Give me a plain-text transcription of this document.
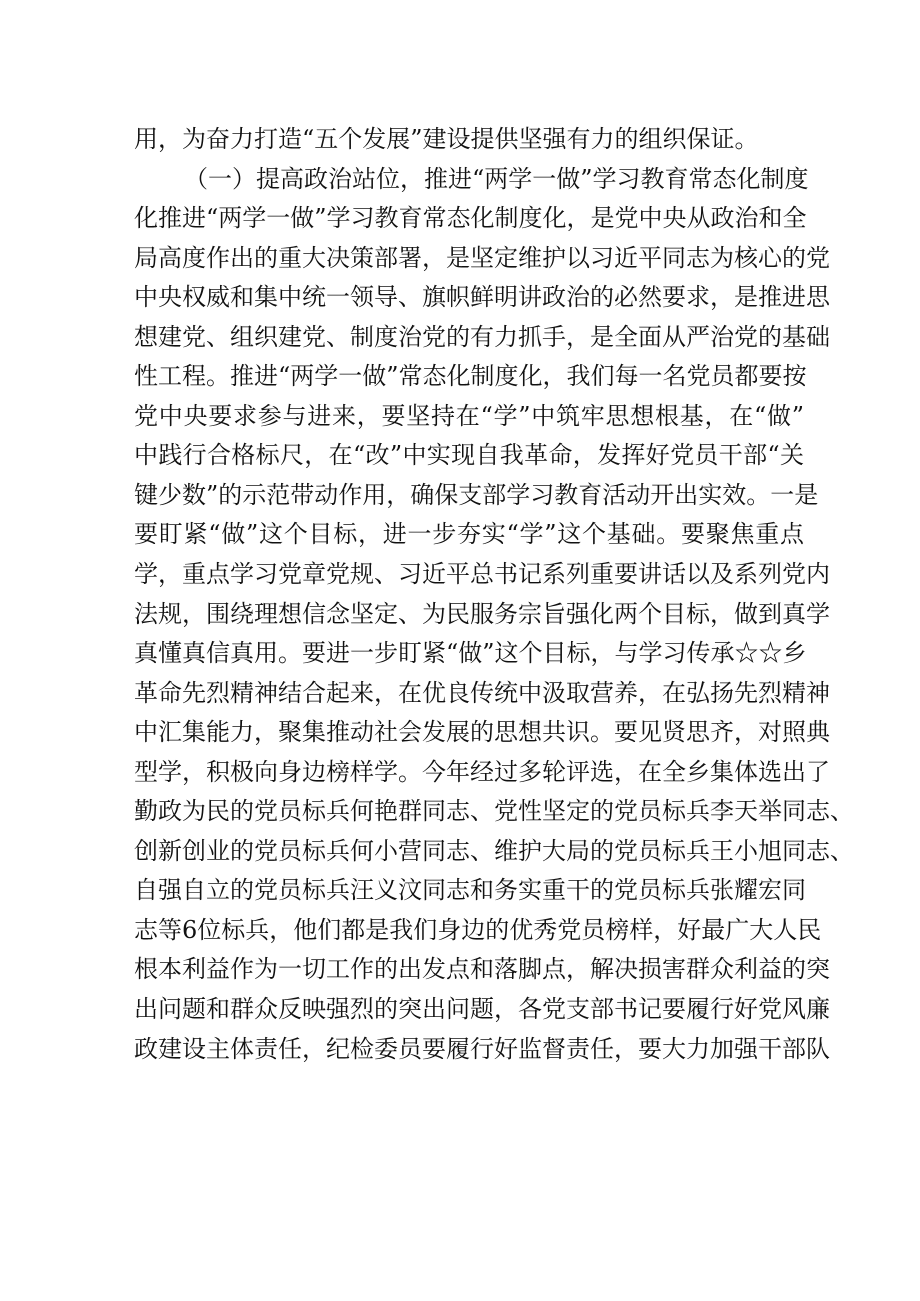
用，为奋力打造“五个发展”建设提供坚强有力的组织保证。
（一）提高政治站位，推进“两学一做”学习教育常态化制度
化推进“两学一做”学习教育常态化制度化，是党中央从政治和全
局高度作出的重大决策部署，是坚定维护以习近平同志为核心的党
中央权威和集中统一领导、旗帜鲜明讲政治的必然要求，是推进思
想建党、组织建党、制度治党的有力抓手，是全面从严治党的基础
性工程。推进“两学一做”常态化制度化，我们每一名党员都要按
党中央要求参与进来，要坚持在“学”中筑牢思想根基，在“做”
中践行合格标尺，在“改”中实现自我革命，发挥好党员干部“关
键少数”的示范带动作用，确保支部学习教育活动开出实效。一是
要盯紧“做”这个目标，进一步夯实“学”这个基础。要聚焦重点
学，重点学习党章党规、习近平总书记系列重要讲话以及系列党内
法规，围绕理想信念坚定、为民服务宗旨强化两个目标，做到真学
真懂真信真用。要进一步盯紧“做”这个目标，与学习传承☆☆乡
革命先烈精神结合起来，在优良传统中汲取营养，在弘扬先烈精神
中汇集能力，聚集推动社会发展的思想共识。要见贤思齐，对照典
型学，积极向身边榜样学。今年经过多轮评选，在全乡集体选出了
勤政为民的党员标兵何艳群同志、党性坚定的党员标兵李天举同志、
创新创业的党员标兵何小营同志、维护大局的党员标兵王小旭同志、
自强自立的党员标兵汪义汶同志和务实重干的党员标兵张耀宏同
志等6位标兵，他们都是我们身边的优秀党员榜样，好最广大人民
根本利益作为一切工作的出发点和落脚点，解决损害群众利益的突
出问题和群众反映强烈的突出问题，各党支部书记要履行好党风廉
政建设主体责任，纪检委员要履行好监督责任，要大力加强干部队
